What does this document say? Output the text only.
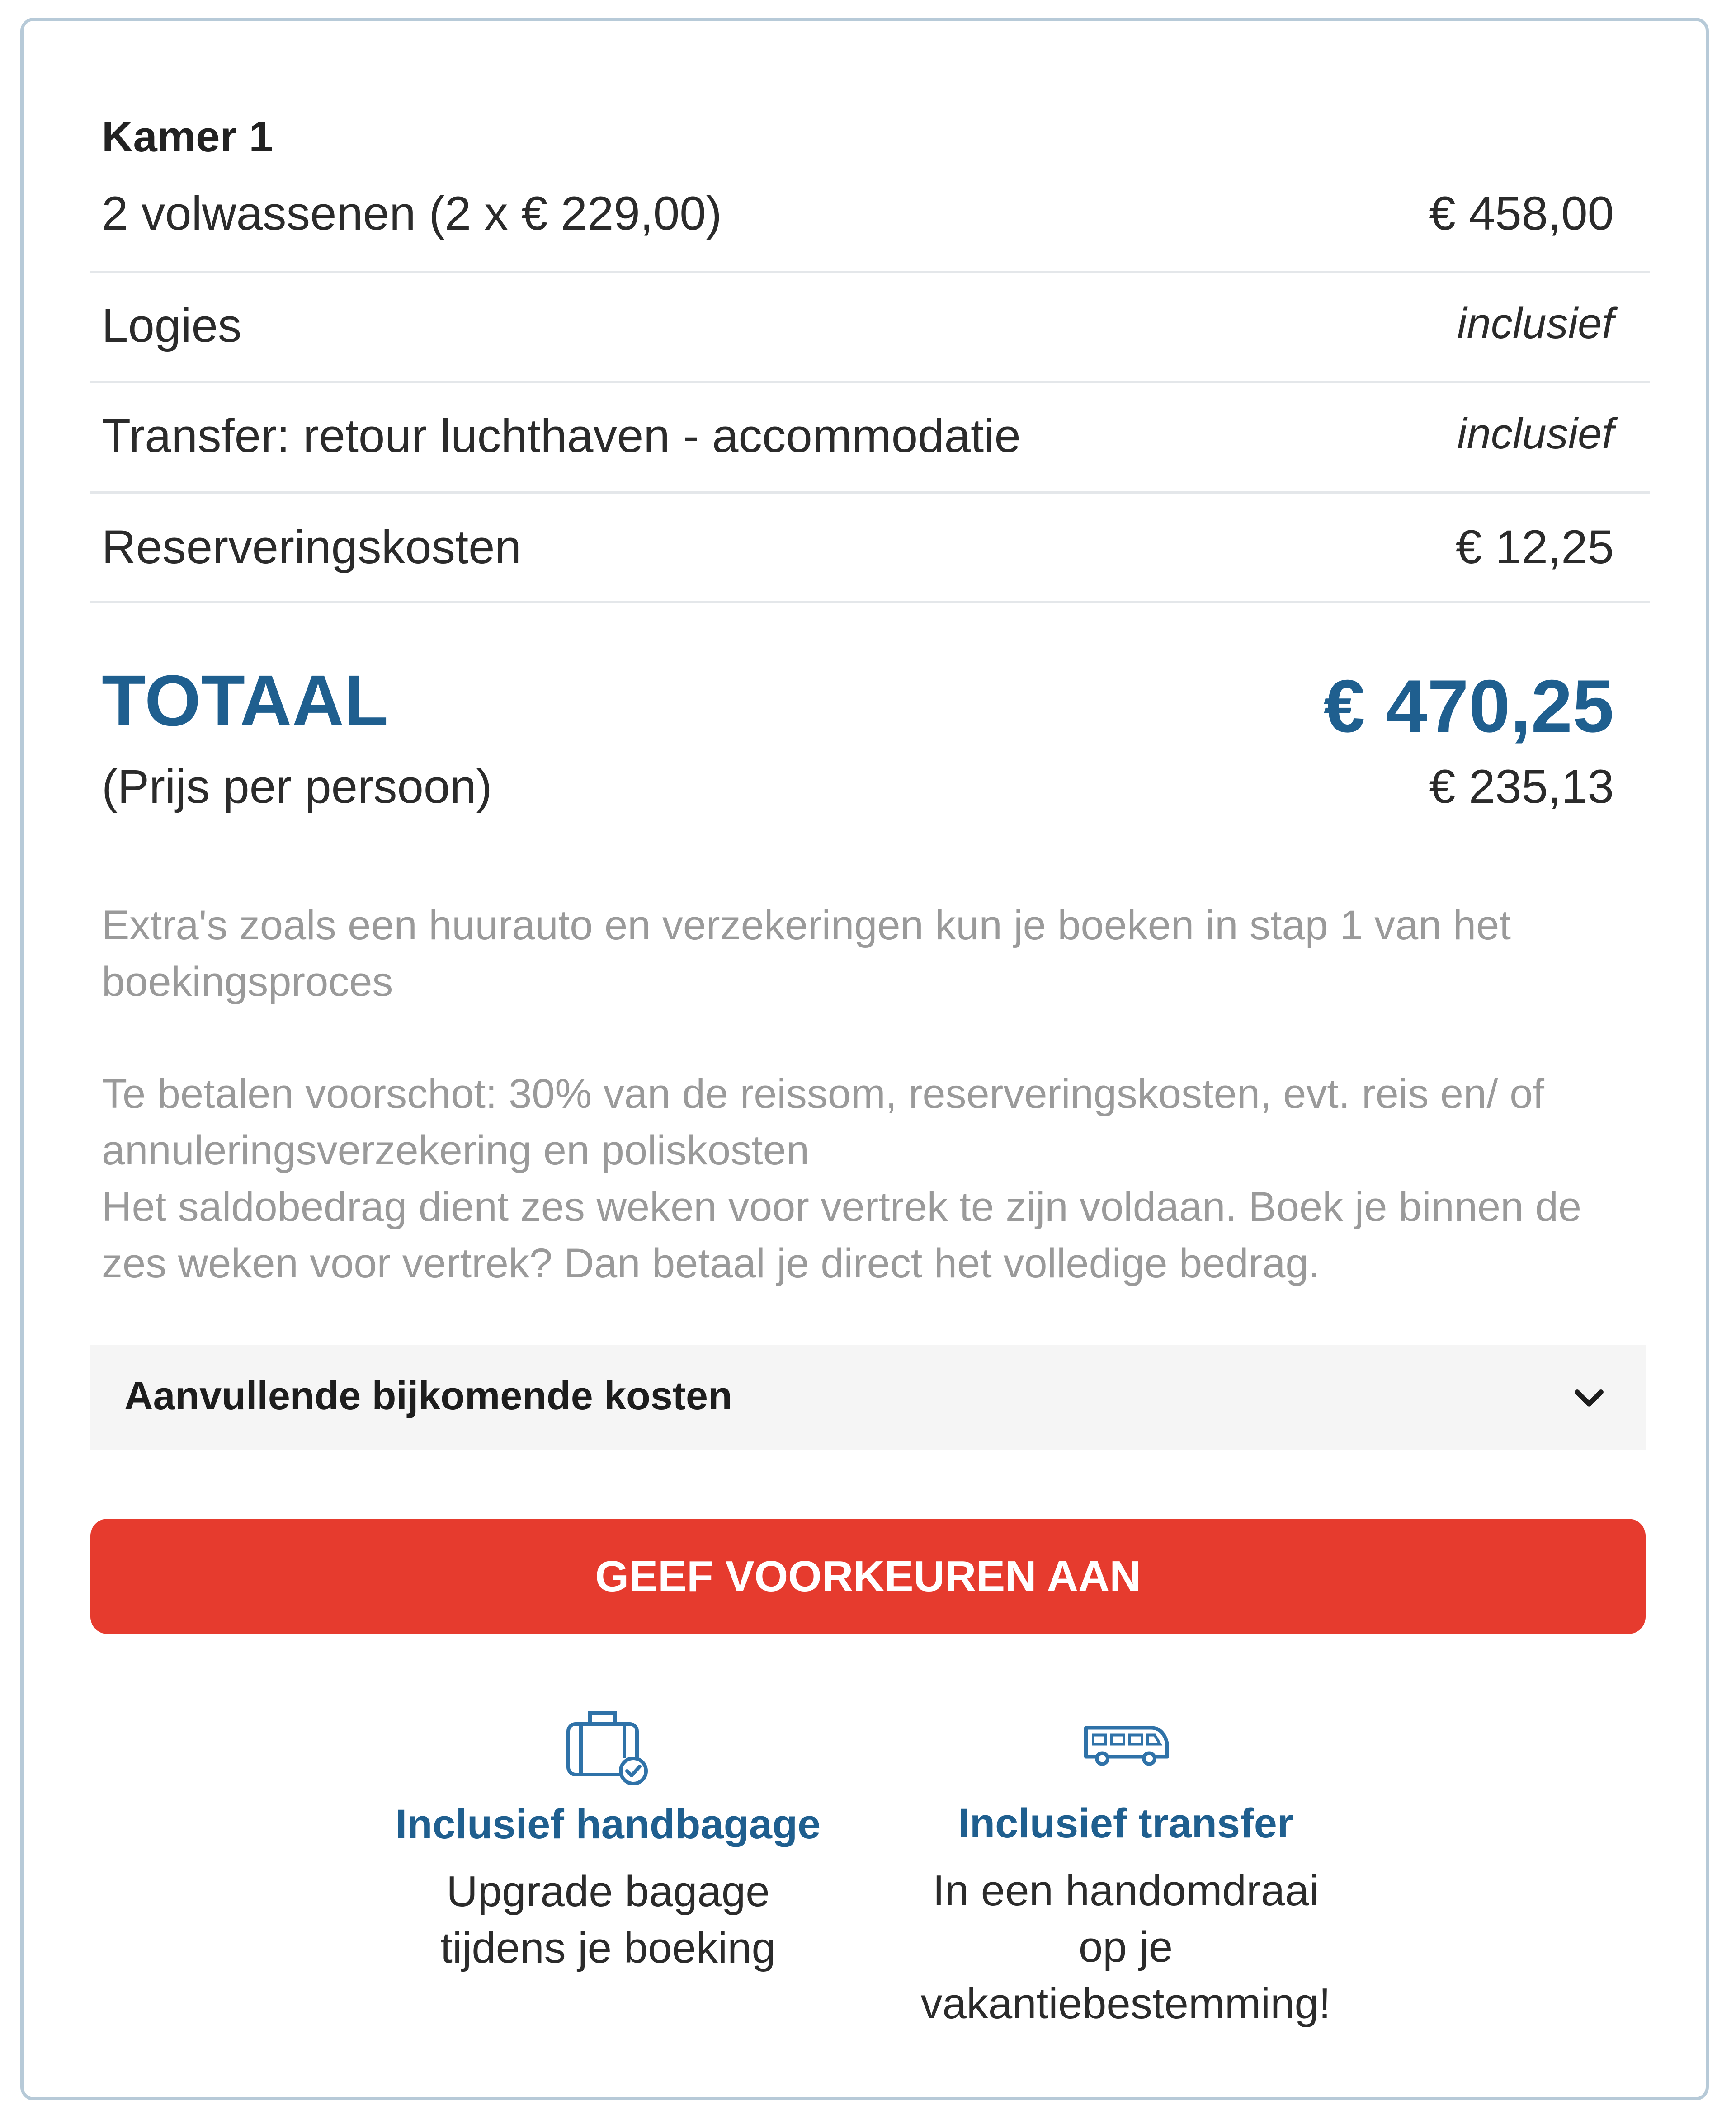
Kamer 1
2 volwassenen (2 x € 229,00)	€ 458,00
Logies	inclusief
Transfer: retour luchthaven - accommodatie	inclusief
Reserveringskosten	€ 12,25
TOTAAL	€ 470,25
(Prijs per persoon)	€ 235,13
Extra's zoals een huurauto en verzekeringen kun je boeken in stap 1 van het boekingsproces
Te betalen voorschot: 30% van de reissom, reserveringskosten, evt. reis en/ of annuleringsverzekering en poliskosten
Het saldobedrag dient zes weken voor vertrek te zijn voldaan. Boek je binnen de zes weken voor vertrek? Dan betaal je direct het volledige bedrag.
Aanvullende bijkomende kosten
GEEF VOORKEUREN AAN
Inclusief handbagage
Upgrade bagage
tijdens je boeking
Inclusief transfer
In een handomdraai
op je
vakantiebestemming!
